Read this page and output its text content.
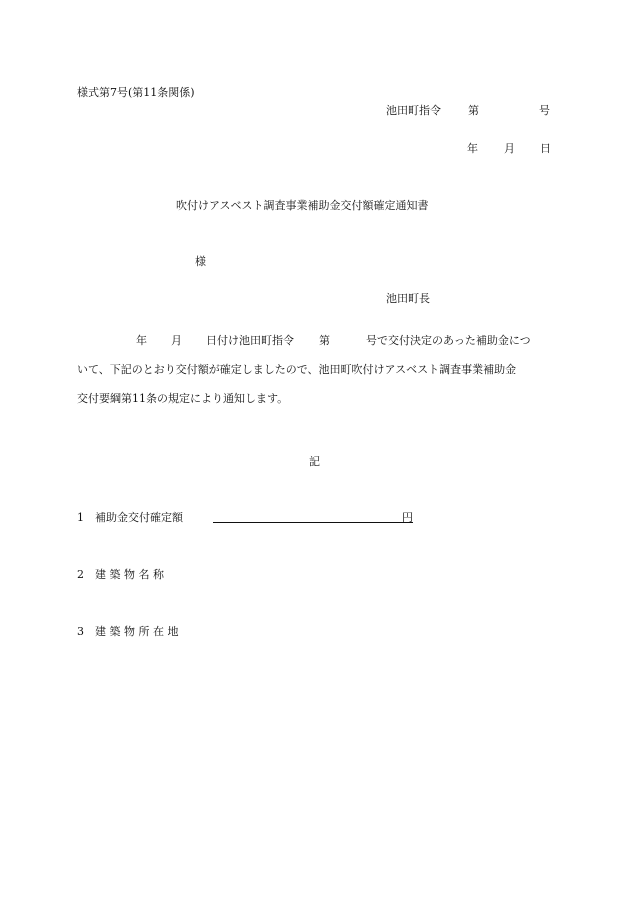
様式第7号(第11条関係)
池田町指令 第	号
年 月 日
吹付けアスベスト調査事業補助金交付額確定通知書
様
池田町長
年 月 日付け池田町指令 第	号で交付決定のあった補助金につ
いて、下記のとおり交付額が確定しましたので、池田町吹付けアスベスト調査事業補助金
交付要綱第11条の規定により通知します。
記
1　補助金交付確定額	円
2　建 築 物 名 称
3　建 築 物 所 在 地
